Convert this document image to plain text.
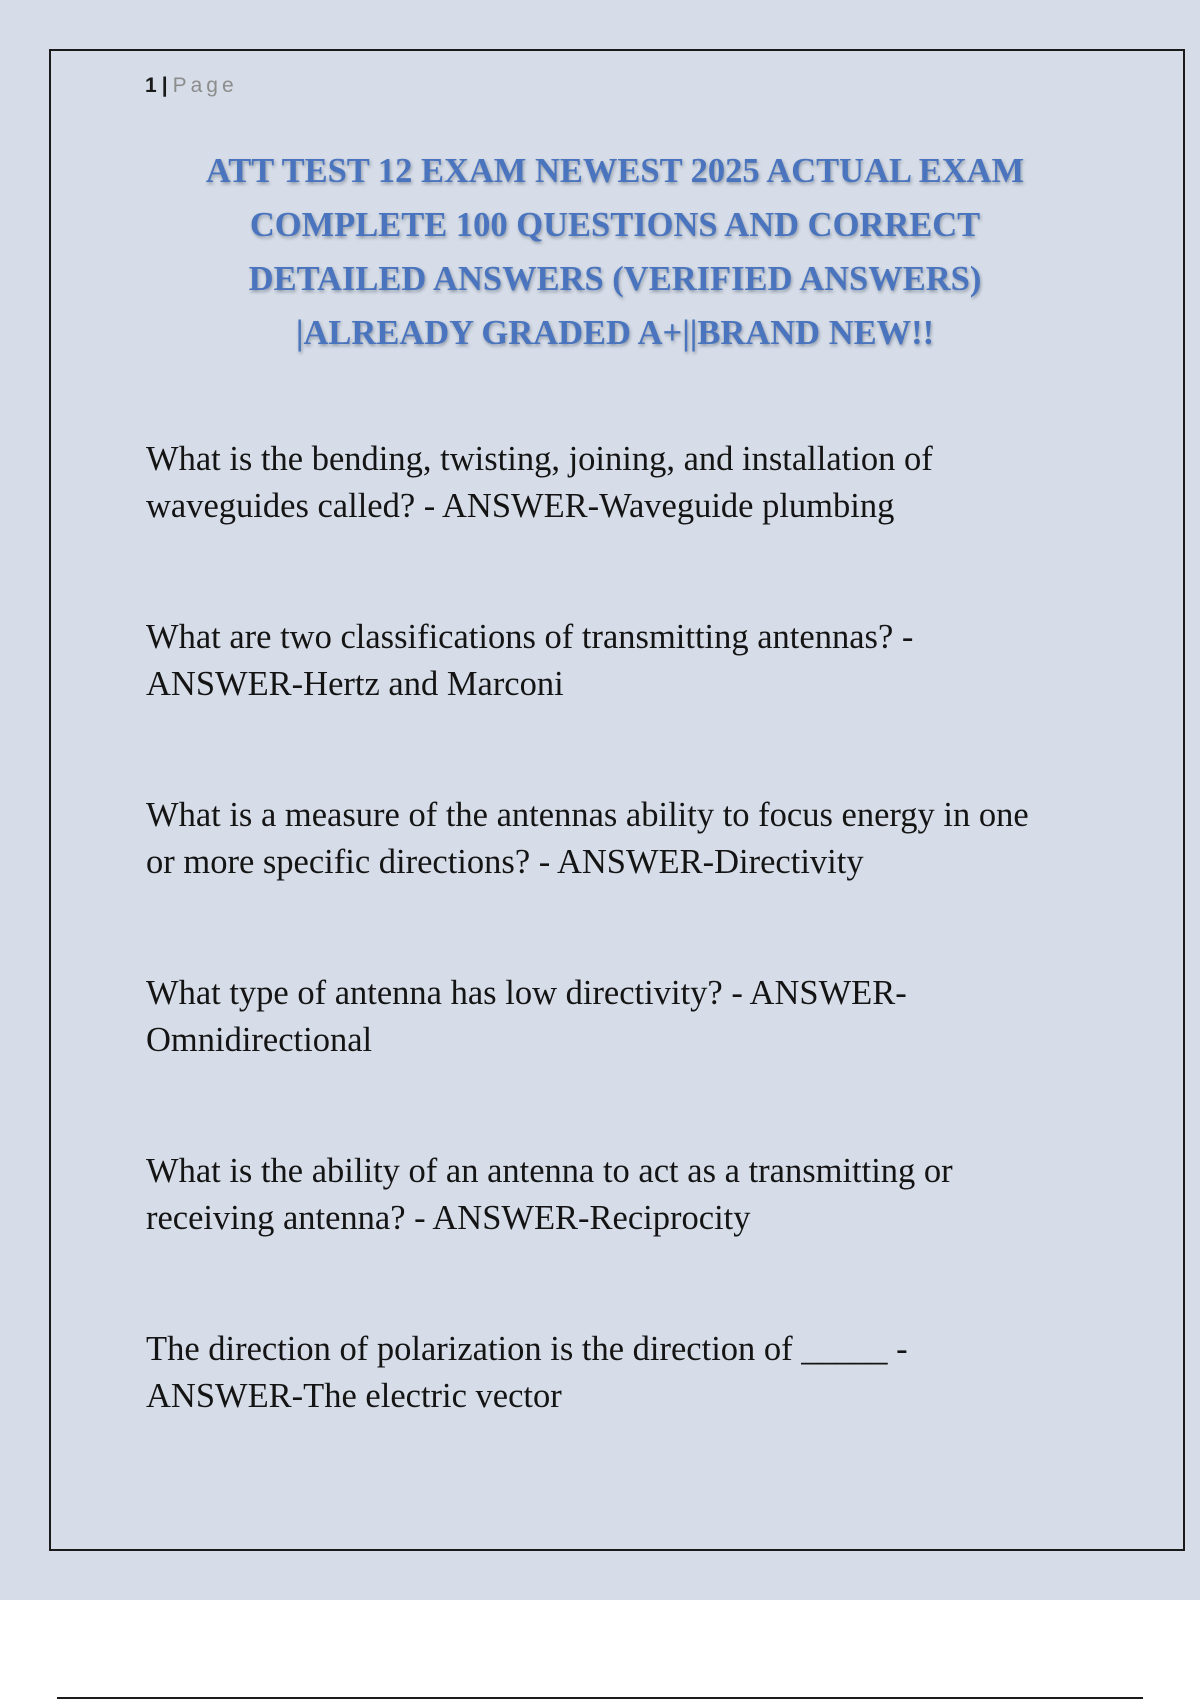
1 | Page
ATT TEST 12 EXAM NEWEST 2025 ACTUAL EXAM
COMPLETE 100 QUESTIONS AND CORRECT
DETAILED ANSWERS (VERIFIED ANSWERS)
|ALREADY GRADED A+||BRAND NEW!!
What is the bending, twisting, joining, and installation of
waveguides called? - ANSWER-Waveguide plumbing
What are two classifications of transmitting antennas? -
ANSWER-Hertz and Marconi
What is a measure of the antennas ability to focus energy in one
or more specific directions? - ANSWER-Directivity
What type of antenna has low directivity? - ANSWER-
Omnidirectional
What is the ability of an antenna to act as a transmitting or
receiving antenna? - ANSWER-Reciprocity
The direction of polarization is the direction of _____ -
ANSWER-The electric vector
